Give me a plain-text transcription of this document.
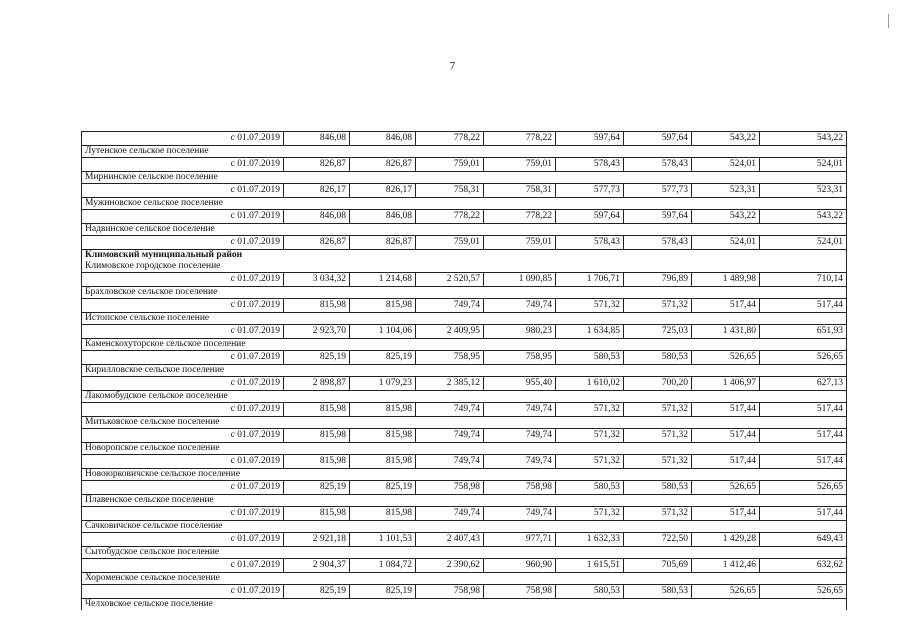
7
с 01.07.2019	846,08	846,08	778,22	778,22	597,64	597,64	543,22	543,22
Лутенское сельское поселение								
с 01.07.2019	826,87	826,87	759,01	759,01	578,43	578,43	524,01	524,01
Мирнинское сельское поселение								
с 01.07.2019	826,17	826,17	758,31	758,31	577,73	577,73	523,31	523,31
Мужиновское сельское поселение								
с 01.07.2019	846,08	846,08	778,22	778,22	597,64	597,64	543,22	543,22
Надвинское сельское поселение								
с 01.07.2019	826,87	826,87	759,01	759,01	578,43	578,43	524,01	524,01
Климовский муниципальный район								
Климовское городское поселение								
с 01.07.2019	3 034,32	1 214,68	2 520,57	1 090,85	1 706,71	796,89	1 489,98	710,14
Брахловское сельское поселение								
с 01.07.2019	815,98	815,98	749,74	749,74	571,32	571,32	517,44	517,44
Истопское сельское поселение								
с 01.07.2019	2 923,70	1 104,06	2 409,95	980,23	1 634,85	725,03	1 431,80	651,93
Каменскохуторское сельское поселение								
с 01.07.2019	825,19	825,19	758,95	758,95	580,53	580,53	526,65	526,65
Кирилловское сельское поселение								
с 01.07.2019	2 898,87	1 079,23	2 385,12	955,40	1 610,02	700,20	1 406,97	627,13
Лакомобудское сельское поселение								
с 01.07.2019	815,98	815,98	749,74	749,74	571,32	571,32	517,44	517,44
Митьковское сельское поселение								
с 01.07.2019	815,98	815,98	749,74	749,74	571,32	571,32	517,44	517,44
Новоропское сельское поселение								
с 01.07.2019	815,98	815,98	749,74	749,74	571,32	571,32	517,44	517,44
Новоюрковичское сельское поселение								
с 01.07.2019	825,19	825,19	758,98	758,98	580,53	580,53	526,65	526,65
Плавенское сельское поселение								
с 01.07.2019	815,98	815,98	749,74	749,74	571,32	571,32	517,44	517,44
Сачковичское сельское поселение								
с 01.07.2019	2 921,18	1 101,53	2 407,43	977,71	1 632,33	722,50	1 429,28	649,43
Сытобудское сельское поселение								
с 01.07.2019	2 904,37	1 084,72	2 390,62	960,90	1 615,51	705,69	1 412,46	632,62
Хороменское сельское поселение								
с 01.07.2019	825,19	825,19	758,98	758,98	580,53	580,53	526,65	526,65
Челховское сельское поселение								
